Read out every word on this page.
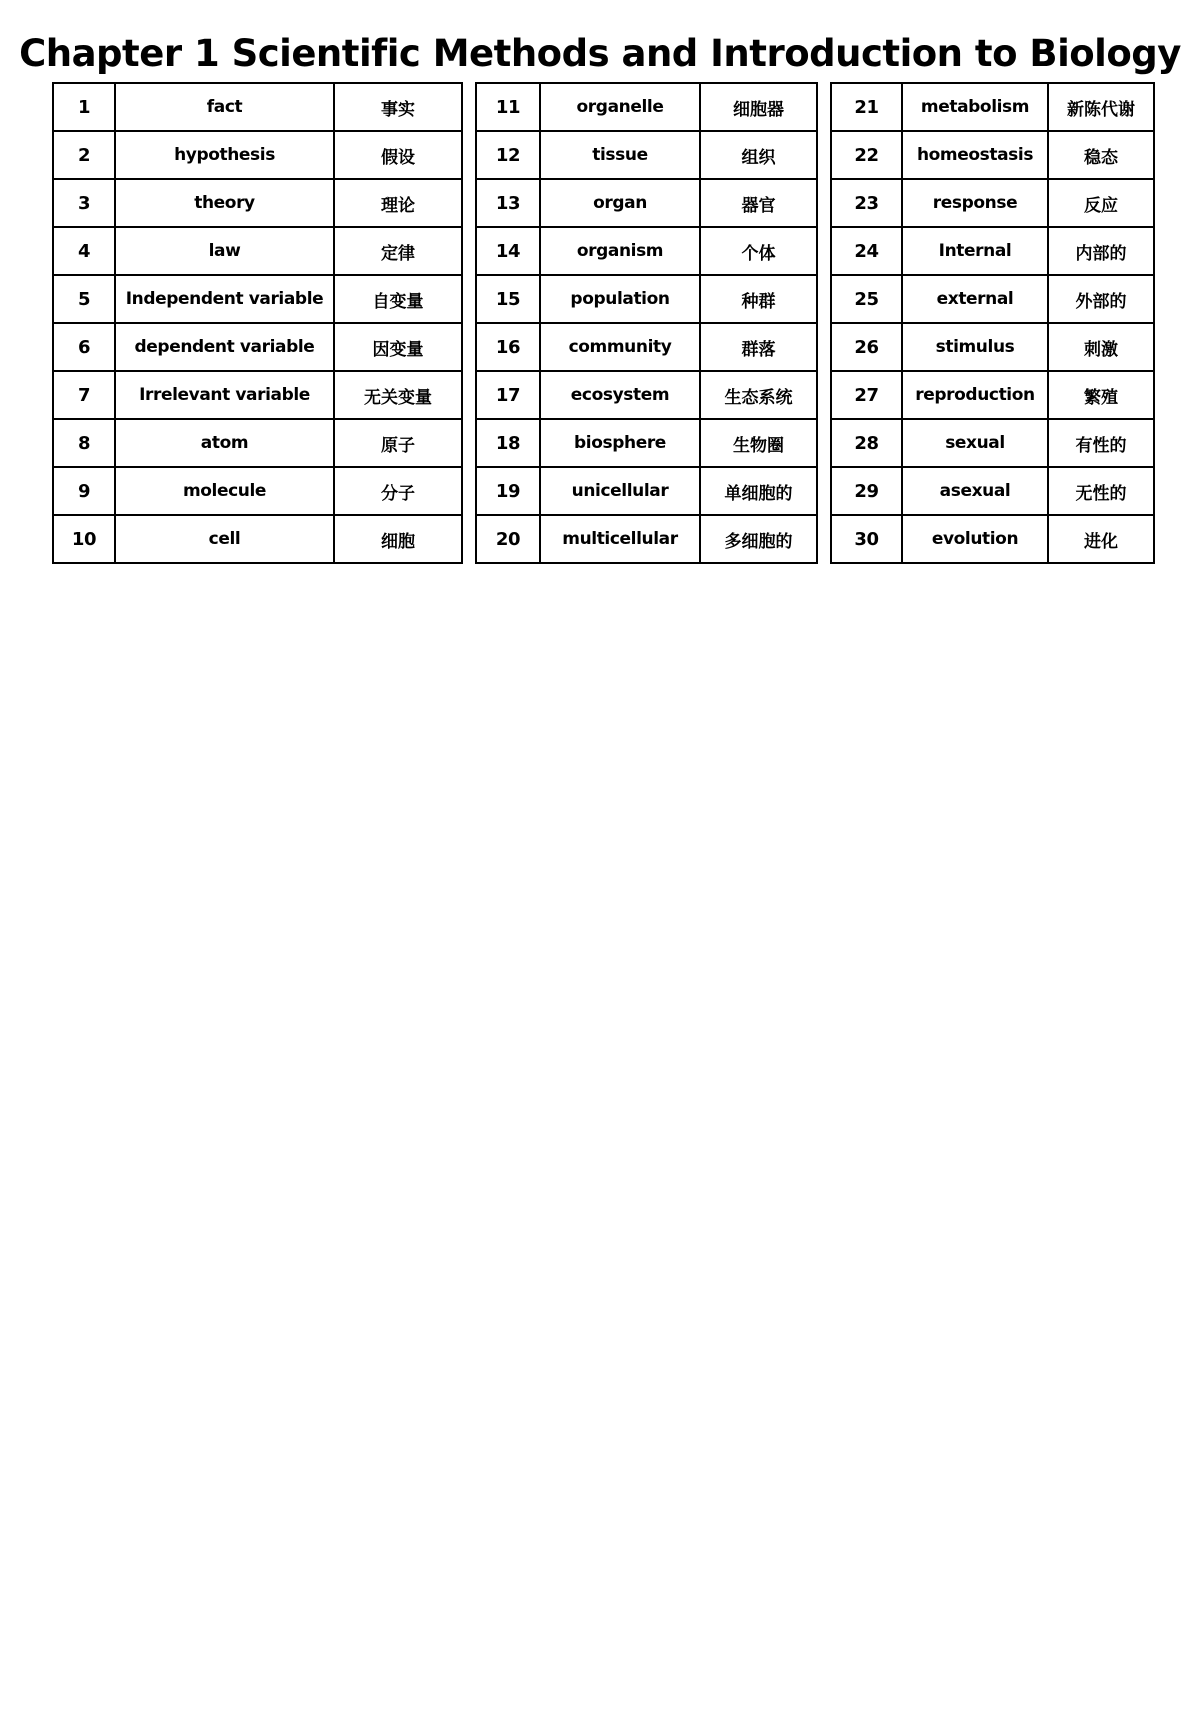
Chapter 1 Scientific Methods and Introduction to Biology
1	fact	事实
2	hypothesis	假设
3	theory	理论
4	law	定律
5	Independent variable	自变量
6	dependent variable	因变量
7	Irrelevant variable	无关变量
8	atom	原子
9	molecule	分子
10	cell	细胞
11	organelle	细胞器
12	tissue	组织
13	organ	器官
14	organism	个体
15	population	种群
16	community	群落
17	ecosystem	生态系统
18	biosphere	生物圈
19	unicellular	单细胞的
20	multicellular	多细胞的
21	metabolism	新陈代谢
22	homeostasis	稳态
23	response	反应
24	Internal	内部的
25	external	外部的
26	stimulus	刺激
27	reproduction	繁殖
28	sexual	有性的
29	asexual	无性的
30	evolution	进化
